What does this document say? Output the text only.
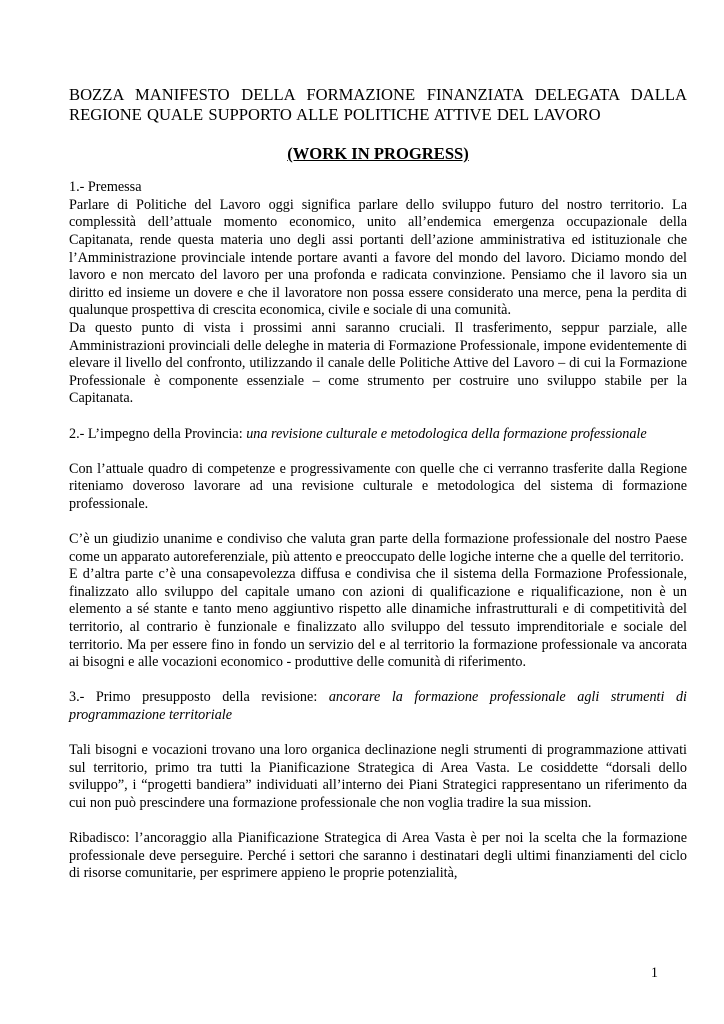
BOZZA MANIFESTO DELLA FORMAZIONE FINANZIATA DELEGATA DALLA REGIONE QUALE SUPPORTO ALLE POLITICHE ATTIVE DEL LAVORO
(WORK IN PROGRESS)

1.- Premessa

Parlare di Politiche del Lavoro oggi significa parlare dello sviluppo futuro del nostro territorio. La complessità dell’attuale momento economico, unito all’endemica emergenza occupazionale della Capitanata, rende questa materia uno degli assi portanti dell’azione amministrativa ed istituzionale che l’Amministrazione provinciale intende portare avanti a favore del mondo del lavoro. Diciamo mondo del lavoro e non mercato del lavoro per una profonda e radicata convinzione. Pensiamo che il lavoro sia un diritto ed insieme un dovere e che il lavoratore non possa essere considerato una merce, pena la perdita di qualunque prospettiva di crescita economica, civile e sociale di una comunità.

Da questo punto di vista i prossimi anni saranno cruciali. Il trasferimento, seppur parziale, alle Amministrazioni provinciali delle deleghe in materia di Formazione Professionale, impone evidentemente di elevare il livello del confronto, utilizzando il canale delle Politiche Attive del Lavoro – di cui la Formazione Professionale è componente essenziale – come strumento per costruire uno sviluppo stabile per la Capitanata.

2.- L’impegno della Provincia: una revisione culturale e metodologica della formazione professionale

Con l’attuale quadro di competenze e progressivamente con quelle che ci verranno trasferite dalla Regione riteniamo doveroso lavorare ad una revisione culturale e metodologica del sistema di formazione professionale.

C’è un giudizio unanime e condiviso che valuta gran parte della formazione professionale del nostro Paese come un apparato autoreferenziale, più attento e preoccupato delle logiche interne che a quelle del territorio.

E d’altra parte c’è una consapevolezza diffusa e condivisa che il sistema della Formazione Professionale, finalizzato allo sviluppo del capitale umano con azioni di qualificazione e riqualificazione, non è un elemento a sé stante e tanto meno aggiuntivo rispetto alle dinamiche infrastrutturali e di competitività del territorio, al contrario è funzionale e finalizzato allo sviluppo del tessuto imprenditoriale e sociale del territorio. Ma per essere fino in fondo un servizio del e al territorio la formazione professionale va ancorata ai bisogni e alle vocazioni economico - produttive delle comunità di riferimento.

3.- Primo presupposto della revisione: ancorare la formazione professionale agli strumenti di programmazione territoriale

Tali bisogni e vocazioni trovano una loro organica declinazione negli strumenti di programmazione attivati sul territorio, primo tra tutti la Pianificazione Strategica di Area Vasta. Le cosiddette “dorsali dello sviluppo”, i “progetti bandiera” individuati all’interno dei Piani Strategici rappresentano un riferimento da cui non può prescindere una formazione professionale che non voglia tradire la sua mission.

Ribadisco: l’ancoraggio alla Pianificazione Strategica di Area Vasta è per noi la scelta che la formazione professionale deve perseguire. Perché i settori che saranno i destinatari degli ultimi finanziamenti del ciclo di risorse comunitarie, per esprimere appieno le proprie potenzialità,

1
